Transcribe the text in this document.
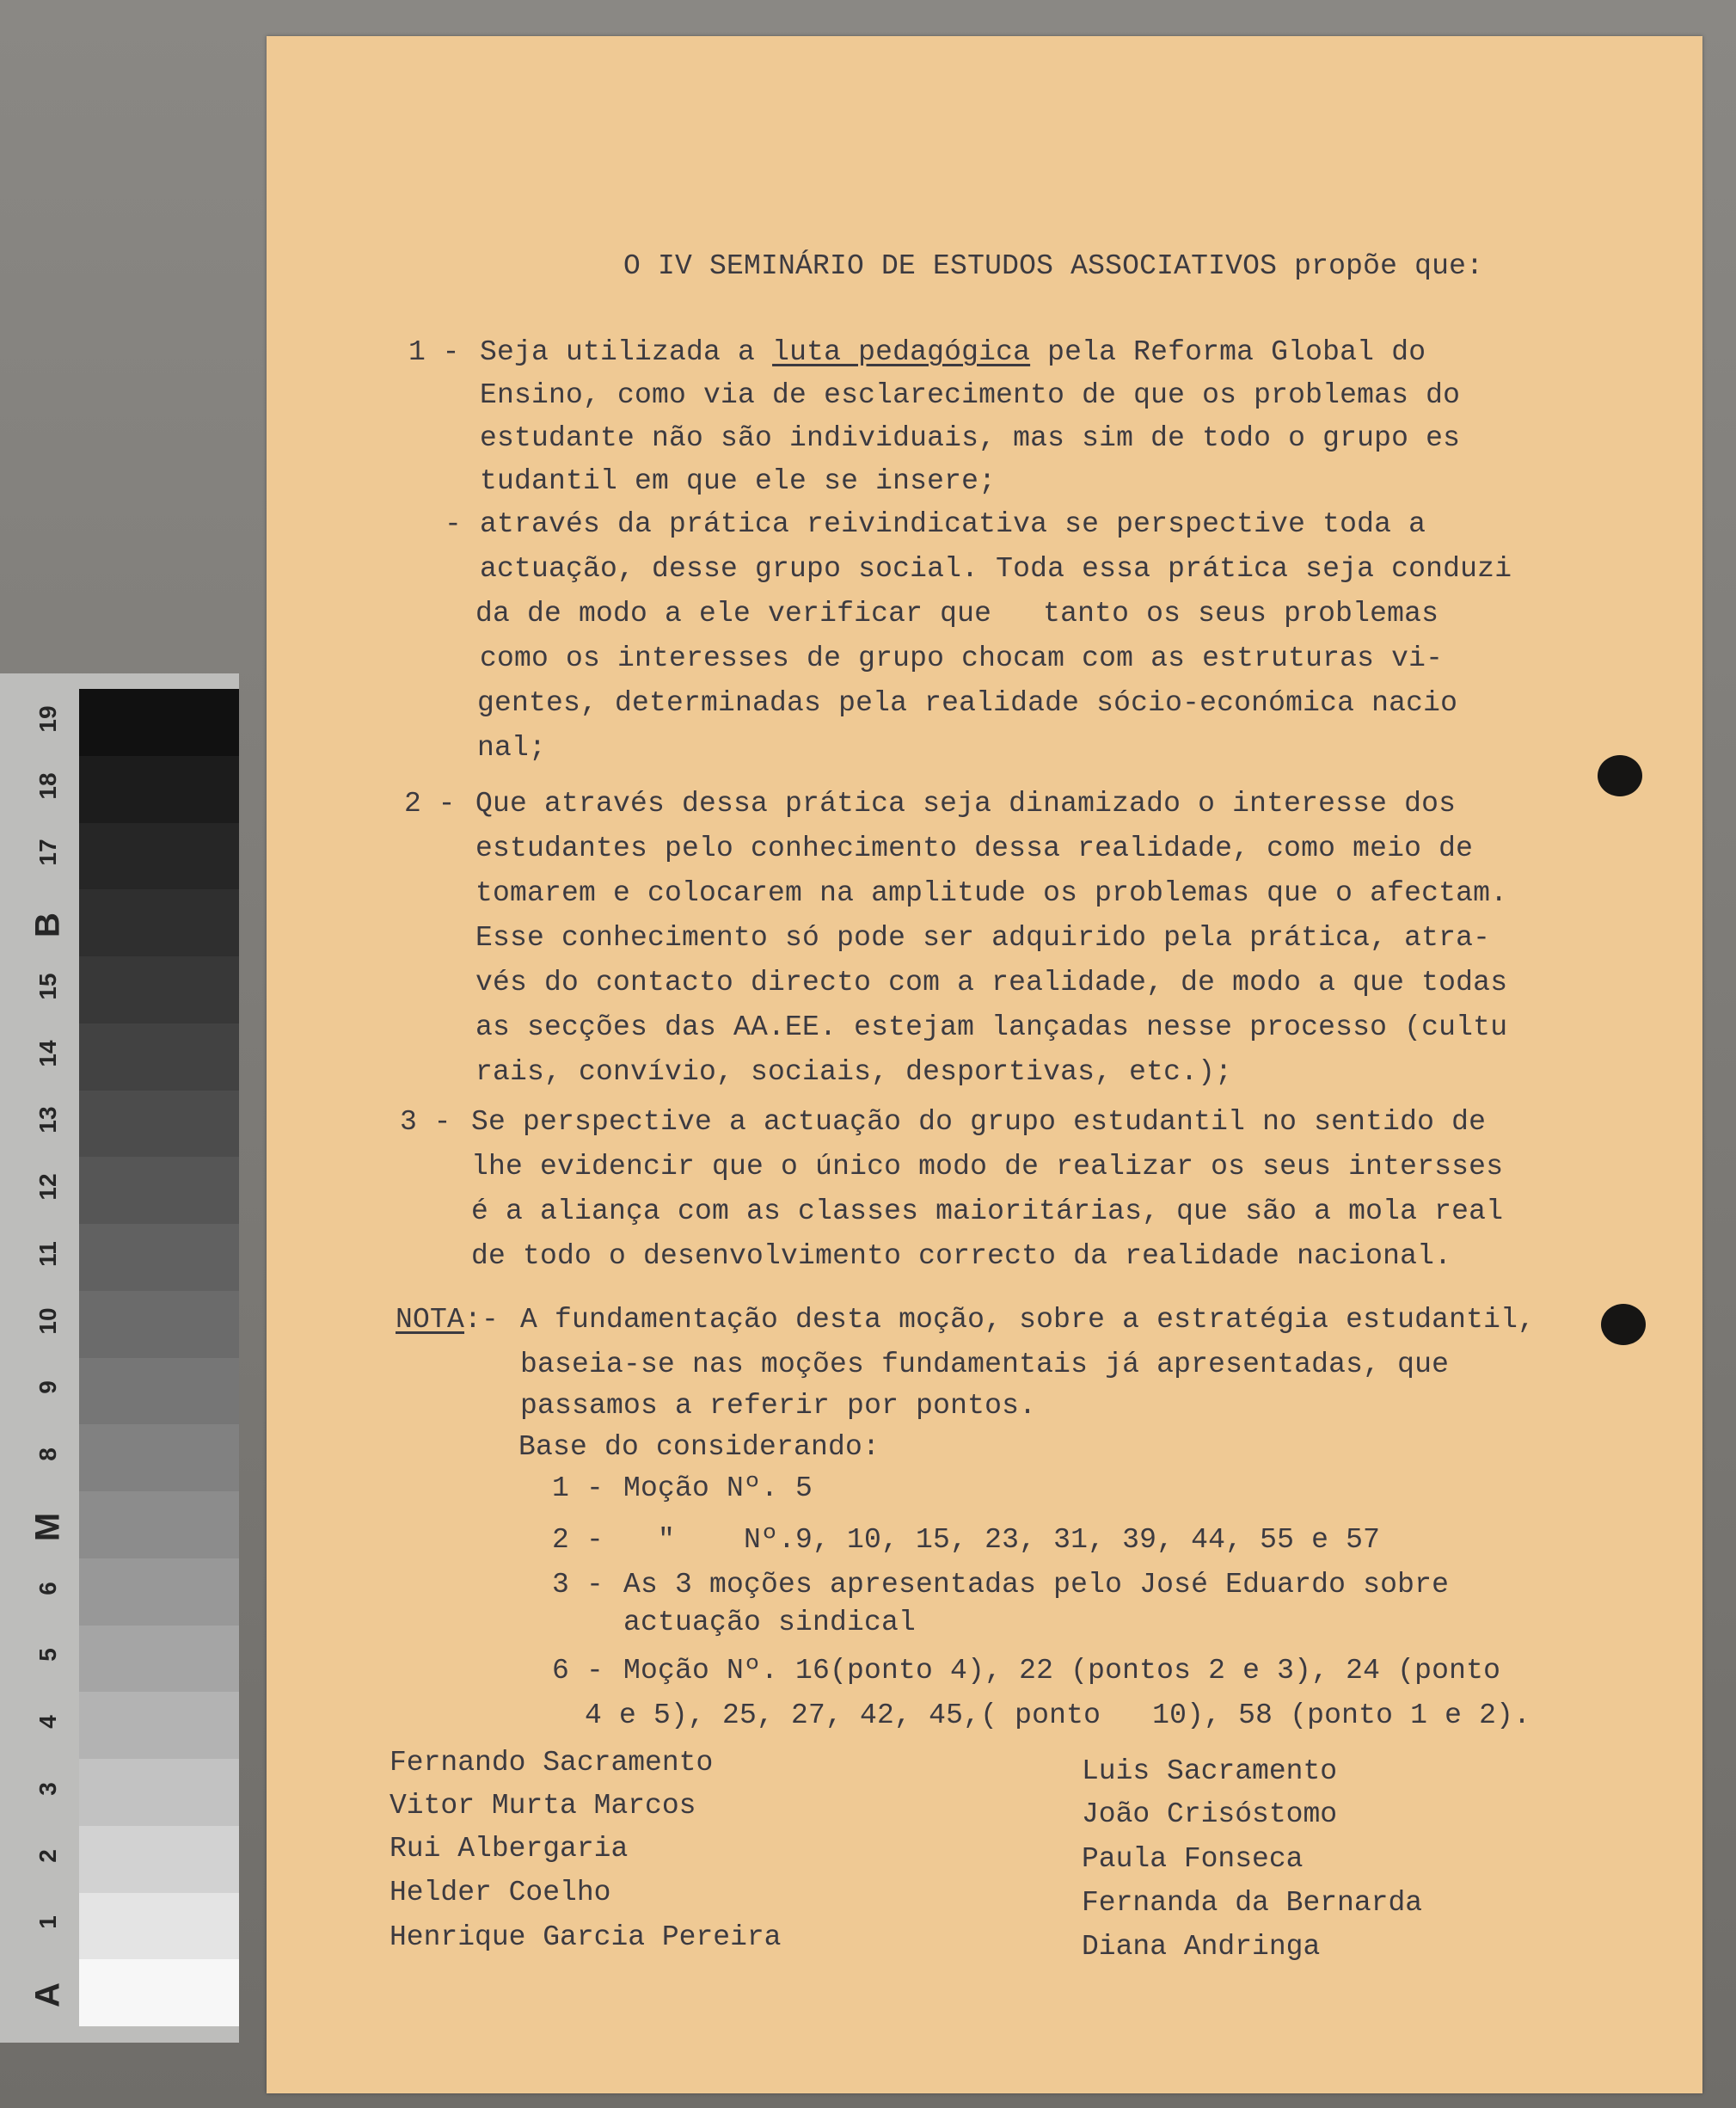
19
18
17
B
15
14
13
12
11
10
9
8
M
6
5
4
3
2
1
A
O IV SEMINÁRIO DE ESTUDOS ASSOCIATIVOS propõe que:
1 - Seja utilizada a luta pedagógica pela Reforma Global do
Ensino, como via de esclarecimento de que os problemas do
estudante não são individuais, mas sim de todo o grupo es
tudantil em que ele se insere;
- através da prática reivindicativa se perspective toda a
actuação, desse grupo social. Toda essa prática seja conduzi
da de modo a ele verificar que   tanto os seus problemas
como os interesses de grupo chocam com as estruturas vi-
gentes, determinadas pela realidade sócio-económica nacio
nal;
2 - Que através dessa prática seja dinamizado o interesse dos
estudantes pelo conhecimento dessa realidade, como meio de
tomarem e colocarem na amplitude os problemas que o afectam.
Esse conhecimento só pode ser adquirido pela prática, atra-
vés do contacto directo com a realidade, de modo a que todas
as secções das AA.EE. estejam lançadas nesse processo (cultu
rais, convívio, sociais, desportivas, etc.);
3 - Se perspective a actuação do grupo estudantil no sentido de
lhe evidencir que o único modo de realizar os seus intersses
é a aliança com as classes maioritárias, que são a mola real
de todo o desenvolvimento correcto da realidade nacional.
NOTA:- A fundamentação desta moção, sobre a estratégia estudantil,
baseia-se nas moções fundamentais já apresentadas, que
passamos a referir por pontos.
Base do considerando:
1 - Moção Nº. 5
2 - "    Nº.9, 10, 15, 23, 31, 39, 44, 55 e 57
3 - As 3 moções apresentadas pelo José Eduardo sobre
actuação sindical
6 - Moção Nº. 16(ponto 4), 22 (pontos 2 e 3), 24 (ponto
4 e 5), 25, 27, 42, 45,( ponto   10), 58 (ponto 1 e 2).
Fernando Sacramento
Vitor Murta Marcos
Rui Albergaria
Helder Coelho
Henrique Garcia Pereira
Luis Sacramento
João Crisóstomo
Paula Fonseca
Fernanda da Bernarda
Diana Andringa
